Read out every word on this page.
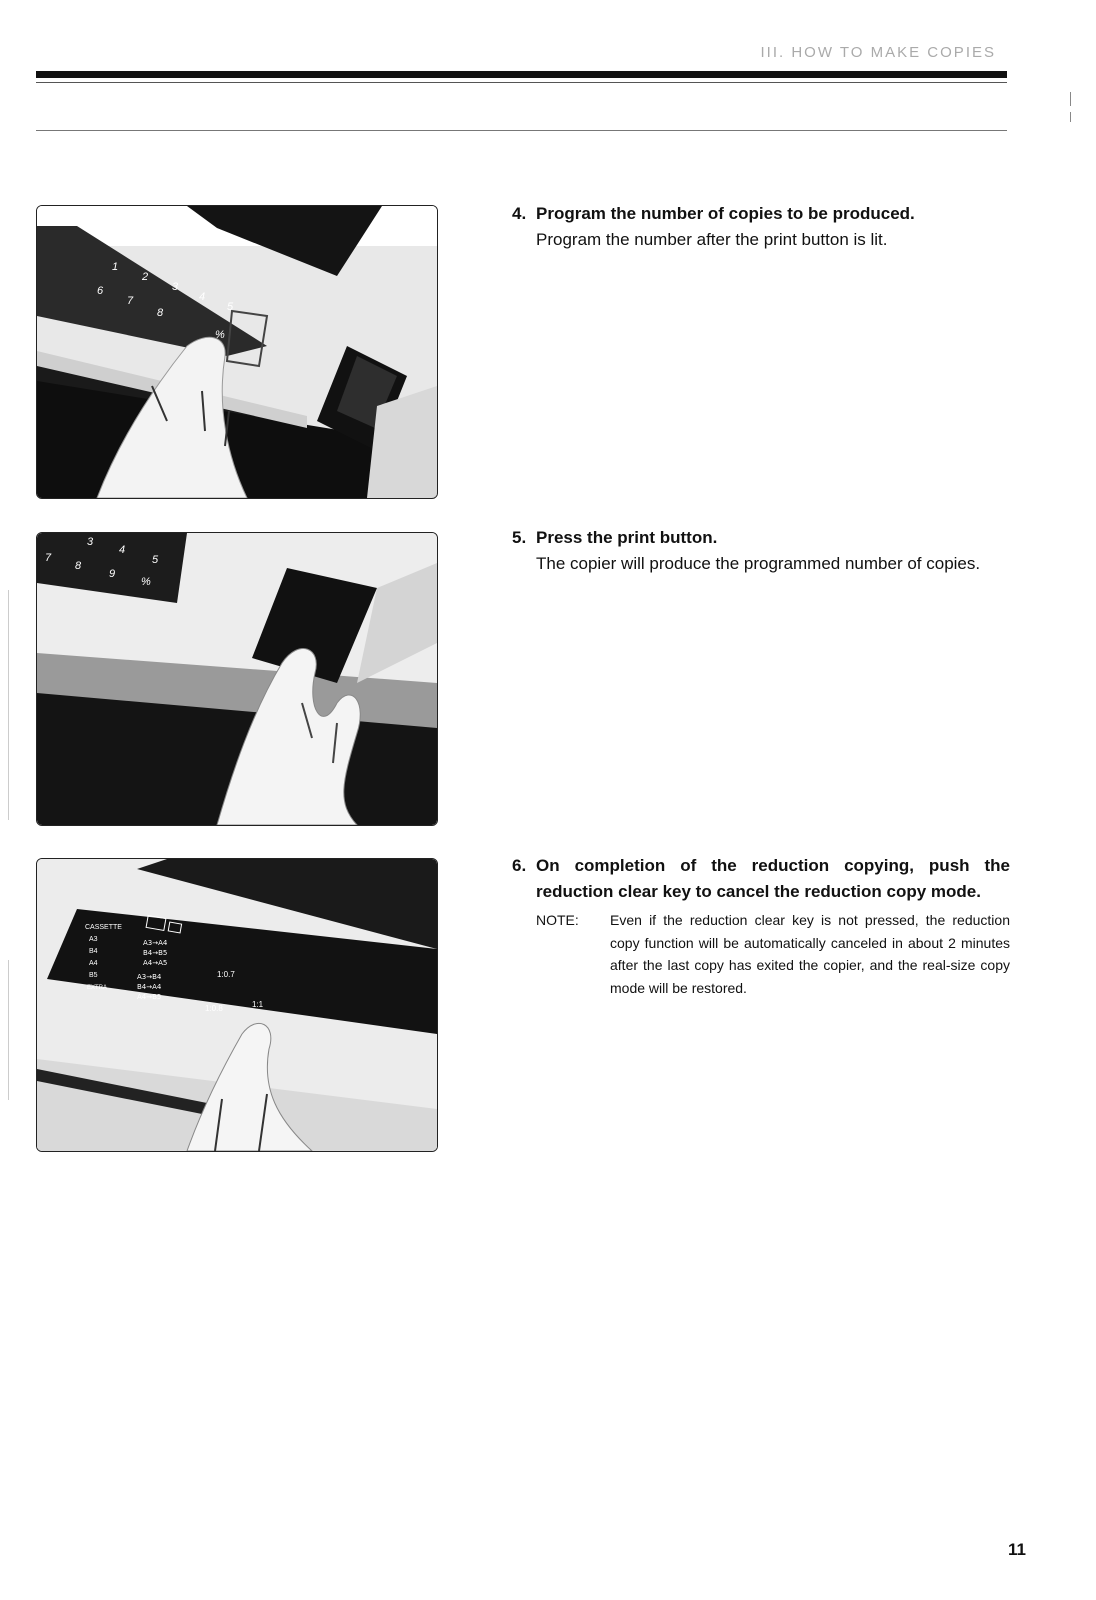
III. HOW TO MAKE COPIES
1
2
3
4
5
6
7
8
%
3
4
5
7
8
9
%
CASSETTE
A3
B4
A4
B5
EXTRA
A3→A4
B4→B5
A4→A5
A3→B4
B4→A4
A4→B5
1:0.7
1:0.8	1:1
4. Program the number of copies to be produced.
Program the number after the print button is lit.
5. Press the print button.
The copier will produce the programmed number of copies.
6. On completion of the reduction copying, push the reduction clear key to cancel the reduction copy mode.
NOTE: Even if the reduction clear key is not pressed, the reduction copy function will be automatically canceled in about 2 minutes after the last copy has exited the copier, and the real-size copy mode will be restored.
11
